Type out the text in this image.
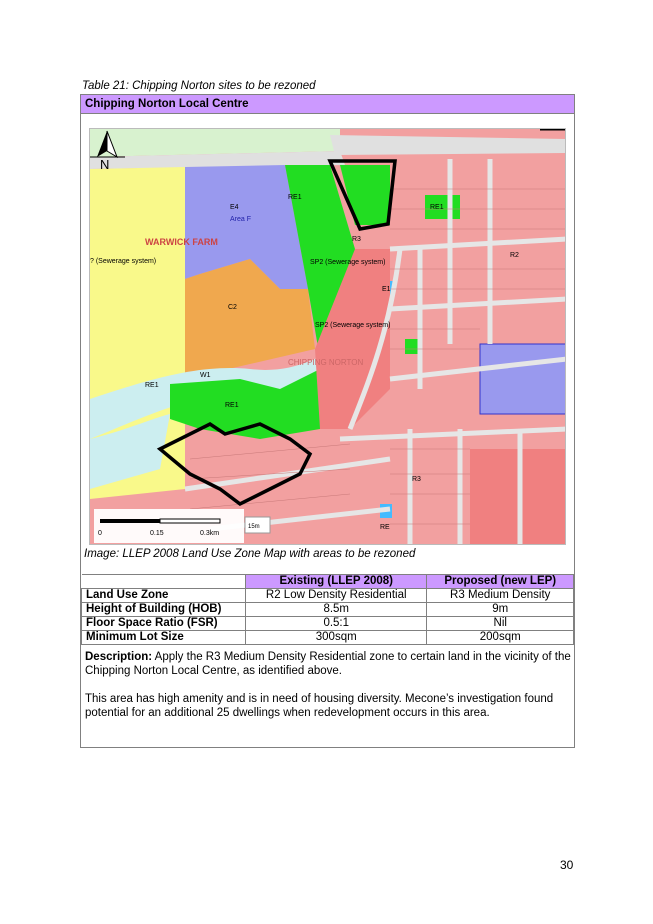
Table 21: Chipping Norton sites to be rezoned
Chipping Norton Local Centre
N
E4
Area F
WARWICK FARM
? (Sewerage system)
C2
RE1
RE1
R3
R2
E1
SP2 (Sewerage system)
SP2 (Sewerage system)
CHIPPING NORTON
W1
RE1
RE1
R3
RE
0	0.15	0.3km
15m
Image: LLEP 2008 Land Use Zone Map with areas to be rezoned
	Existing (LLEP 2008)	Proposed (new LEP)
Land Use Zone	R2 Low Density Residential	R3 Medium Density
Height of Building (HOB)	8.5m	9m
Floor Space Ratio (FSR)	0.5:1	Nil
Minimum Lot Size	300sqm	200sqm

Description: Apply the R3 Medium Density Residential zone to certain land in the vicinity of the Chipping Norton Local Centre, as identified above.

This area has high amenity and is in need of housing diversity. Mecone’s investigation found potential for an additional 25 dwellings when redevelopment occurs in this area.

30
